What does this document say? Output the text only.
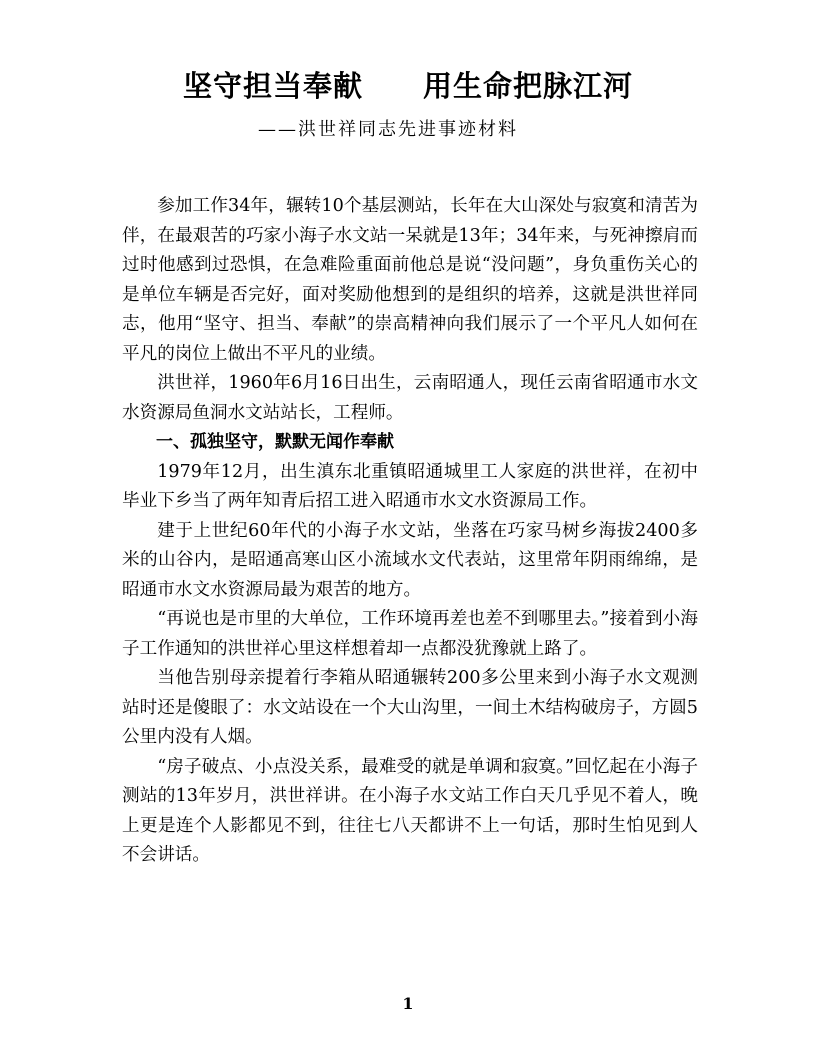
坚守担当奉献　　用生命把脉江河
——洪世祥同志先进事迹材料

参加工作34年，辗转10个基层测站，长年在大山深处与寂寞和清苦为伴，在最艰苦的巧家小海子水文站一呆就是13年；34年来，与死神擦肩而过时他感到过恐惧，在急难险重面前他总是说“没问题”，身负重伤关心的是单位车辆是否完好，面对奖励他想到的是组织的培养，这就是洪世祥同志，他用“坚守、担当、奉献”的崇高精神向我们展示了一个平凡人如何在平凡的岗位上做出不平凡的业绩。

洪世祥，1960年6月16日出生，云南昭通人，现任云南省昭通市水文水资源局鱼洞水文站站长，工程师。

一、孤独坚守，默默无闻作奉献

1979年12月，出生滇东北重镇昭通城里工人家庭的洪世祥，在初中毕业下乡当了两年知青后招工进入昭通市水文水资源局工作。

建于上世纪60年代的小海子水文站，坐落在巧家马树乡海拔2400多米的山谷内，是昭通高寒山区小流域水文代表站，这里常年阴雨绵绵，是昭通市水文水资源局最为艰苦的地方。

“再说也是市里的大单位，工作环境再差也差不到哪里去。”接着到小海子工作通知的洪世祥心里这样想着却一点都没犹豫就上路了。

当他告别母亲提着行李箱从昭通辗转200多公里来到小海子水文观测站时还是傻眼了：水文站设在一个大山沟里，一间土木结构破房子，方圆5公里内没有人烟。

“房子破点、小点没关系，最难受的就是单调和寂寞。”回忆起在小海子测站的13年岁月，洪世祥讲。在小海子水文站工作白天几乎见不着人，晚上更是连个人影都见不到，往往七八天都讲不上一句话，那时生怕见到人不会讲话。

1
